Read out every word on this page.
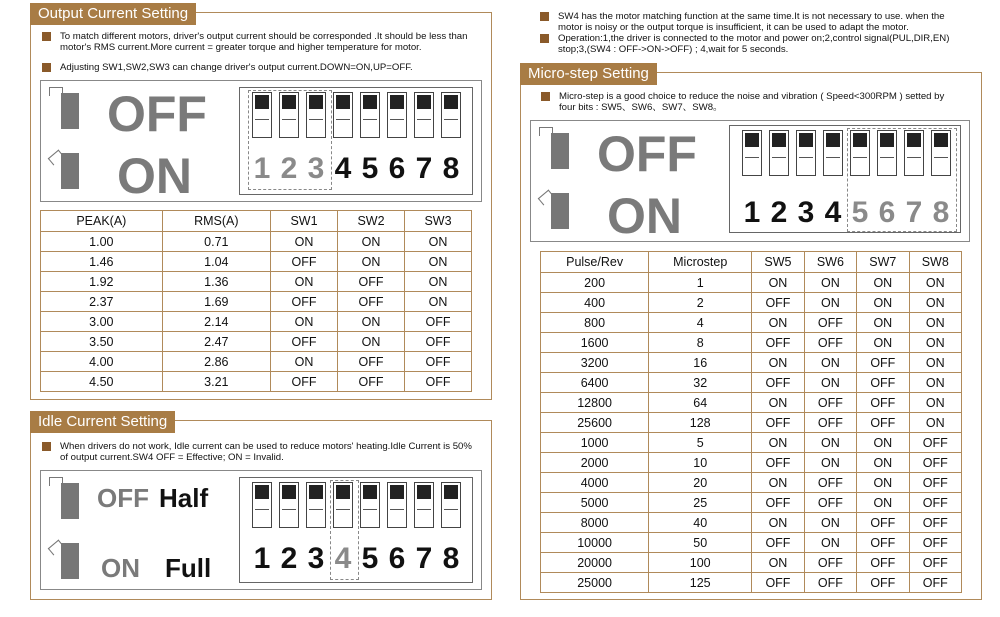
Output Current Setting
To match different motors, driver's output current should be corresponded .It should be less than motor's RMS current.More current = greater torque and higher temperature for motor.
Adjusting SW1,SW2,SW3 can change driver's output current.DOWN=ON,UP=OFF.
OFF
ON 1 2 3 4 5 6 7 8
PEAK(A)	RMS(A)	SW1	SW2	SW3
1.00	0.71	ON	ON	ON
1.46	1.04	OFF	ON	ON
1.92	1.36	ON	OFF	ON
2.37	1.69	OFF	OFF	ON
3.00	2.14	ON	ON	OFF
3.50	2.47	OFF	ON	OFF
4.00	2.86	ON	OFF	OFF
4.50	3.21	OFF	OFF	OFF
Idle Current Setting
When drivers do not work, Idle current can be used to reduce motors' heating.Idle Current is 50% of output current.SW4 OFF = Effective; ON = Invalid.
OFF Half
ON Full 1 2 3 4 5 6 7 8
SW4 has the motor matching function at the same time.It is not necessary to use. when the motor is noisy or the output torque is insufficient, it can be used to adapt the motor.
Operation:1,the driver is connected to the motor and power on;2,control signal(PUL,DIR,EN) stop;3,(SW4 : OFF->ON->OFF) ; 4,wait for 5 seconds.
Micro-step Setting
Micro-step is a good choice to reduce the noise and vibration ( Speed<300RPM ) setted by four bits : SW5、SW6、SW7、SW8。
OFF
ON 1 2 3 4 5 6 7 8
Pulse/Rev	Microstep	SW5	SW6	SW7	SW8
200	1	ON	ON	ON	ON
400	2	OFF	ON	ON	ON
800	4	ON	OFF	ON	ON
1600	8	OFF	OFF	ON	ON
3200	16	ON	ON	OFF	ON
6400	32	OFF	ON	OFF	ON
12800	64	ON	OFF	OFF	ON
25600	128	OFF	OFF	OFF	ON
1000	5	ON	ON	ON	OFF
2000	10	OFF	ON	ON	OFF
4000	20	ON	OFF	ON	OFF
5000	25	OFF	OFF	ON	OFF
8000	40	ON	ON	OFF	OFF
10000	50	OFF	ON	OFF	OFF
20000	100	ON	OFF	OFF	OFF
25000	125	OFF	OFF	OFF	OFF
